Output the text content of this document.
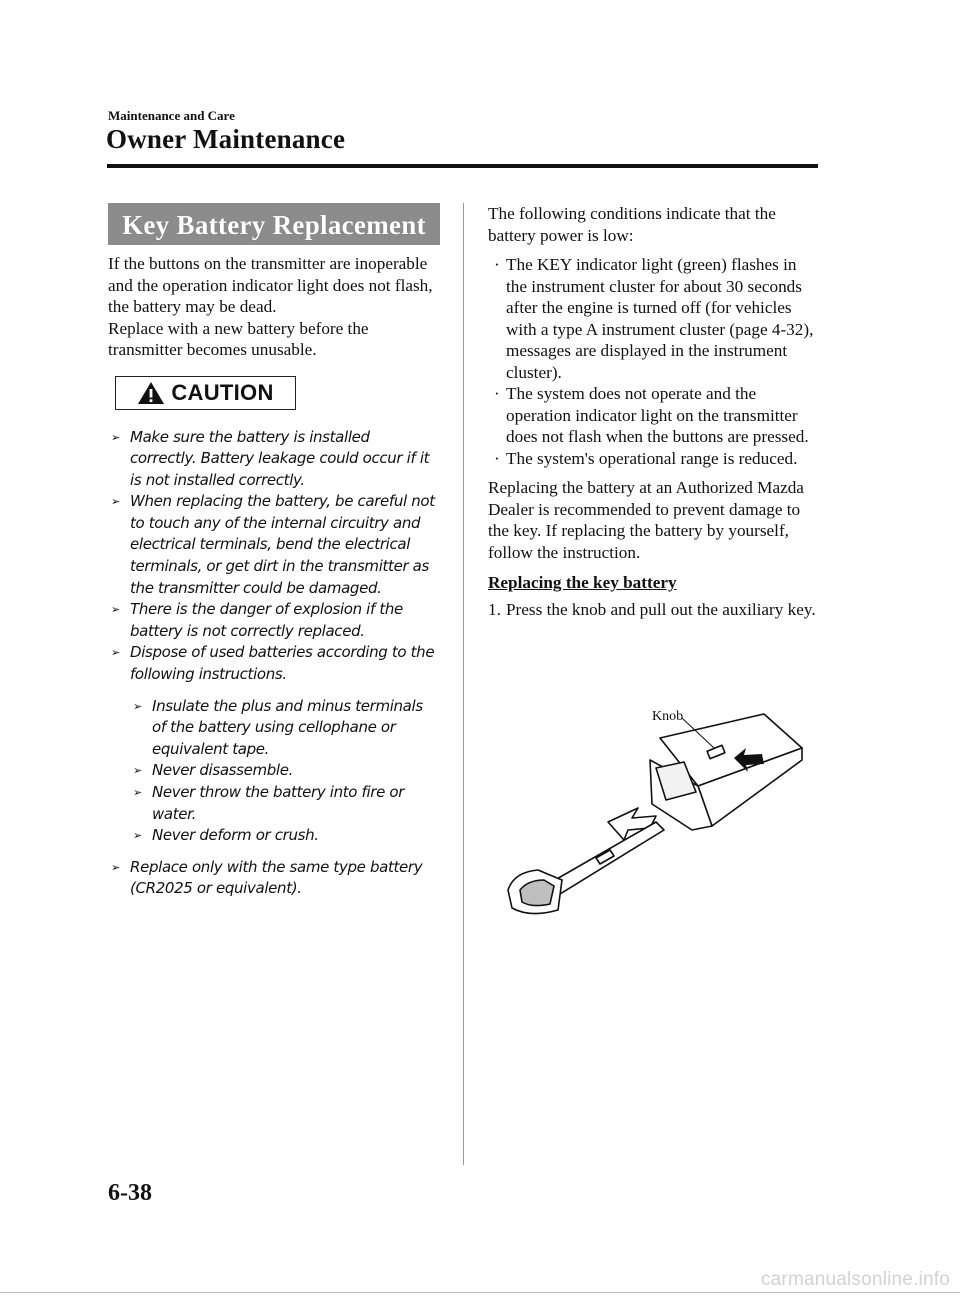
Maintenance and Care
Owner Maintenance
Key Battery Replacement
If the buttons on the transmitter are inoperable and the operation indicator light does not flash, the battery may be dead.
Replace with a new battery before the transmitter becomes unusable.
CAUTION
➢ Make sure the battery is installed correctly. Battery leakage could occur if it is not installed correctly.
➢ When replacing the battery, be careful not to touch any of the internal circuitry and electrical terminals, bend the electrical terminals, or get dirt in the transmitter as the transmitter could be damaged.
➢ There is the danger of explosion if the battery is not correctly replaced.
➢ Dispose of used batteries according to the following instructions.
➢ Insulate the plus and minus terminals of the battery using cellophane or equivalent tape.
➢ Never disassemble.
➢ Never throw the battery into fire or water.
➢ Never deform or crush.
➢ Replace only with the same type battery (CR2025 or equivalent).
The following conditions indicate that the battery power is low:
· The KEY indicator light (green) flashes in the instrument cluster for about 30 seconds after the engine is turned off (for vehicles with a type A instrument cluster (page 4-32), messages are displayed in the instrument cluster).
· The system does not operate and the operation indicator light on the transmitter does not flash when the buttons are pressed.
· The system's operational range is reduced.
Replacing the battery at an Authorized Mazda Dealer is recommended to prevent damage to the key. If replacing the battery by yourself, follow the instruction.
Replacing the key battery
1. Press the knob and pull out the auxiliary key.
Knob
6-38
carmanualsonline.info
